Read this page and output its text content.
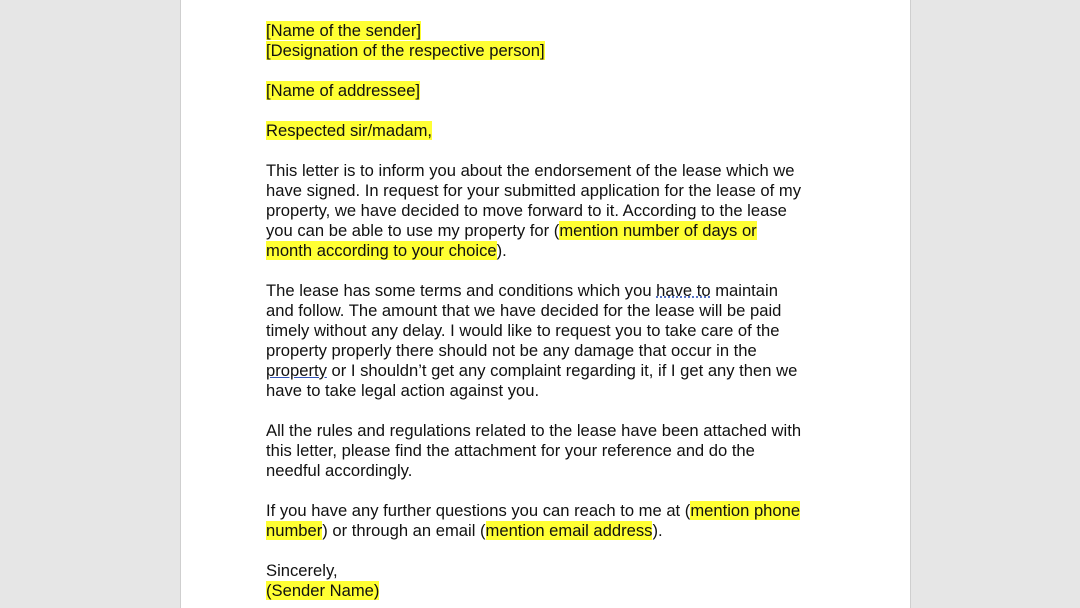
[Name of the sender]
[Designation of the respective person]
[Name of addressee]
Respected sir/madam,
This letter is to inform you about the endorsement of the lease which we
have signed. In request for your submitted application for the lease of my
property, we have decided to move forward to it. According to the lease
you can be able to use my property for (mention number of days or
month according to your choice).
The lease has some terms and conditions which you have to maintain
and follow. The amount that we have decided for the lease will be paid
timely without any delay. I would like to request you to take care of the
property properly there should not be any damage that occur in the
property or I shouldn’t get any complaint regarding it, if I get any then we
have to take legal action against you.
All the rules and regulations related to the lease have been attached with
this letter, please find the attachment for your reference and do the
needful accordingly.
If you have any further questions you can reach to me at (mention phone
number) or through an email (mention email address).
Sincerely,
(Sender Name)
